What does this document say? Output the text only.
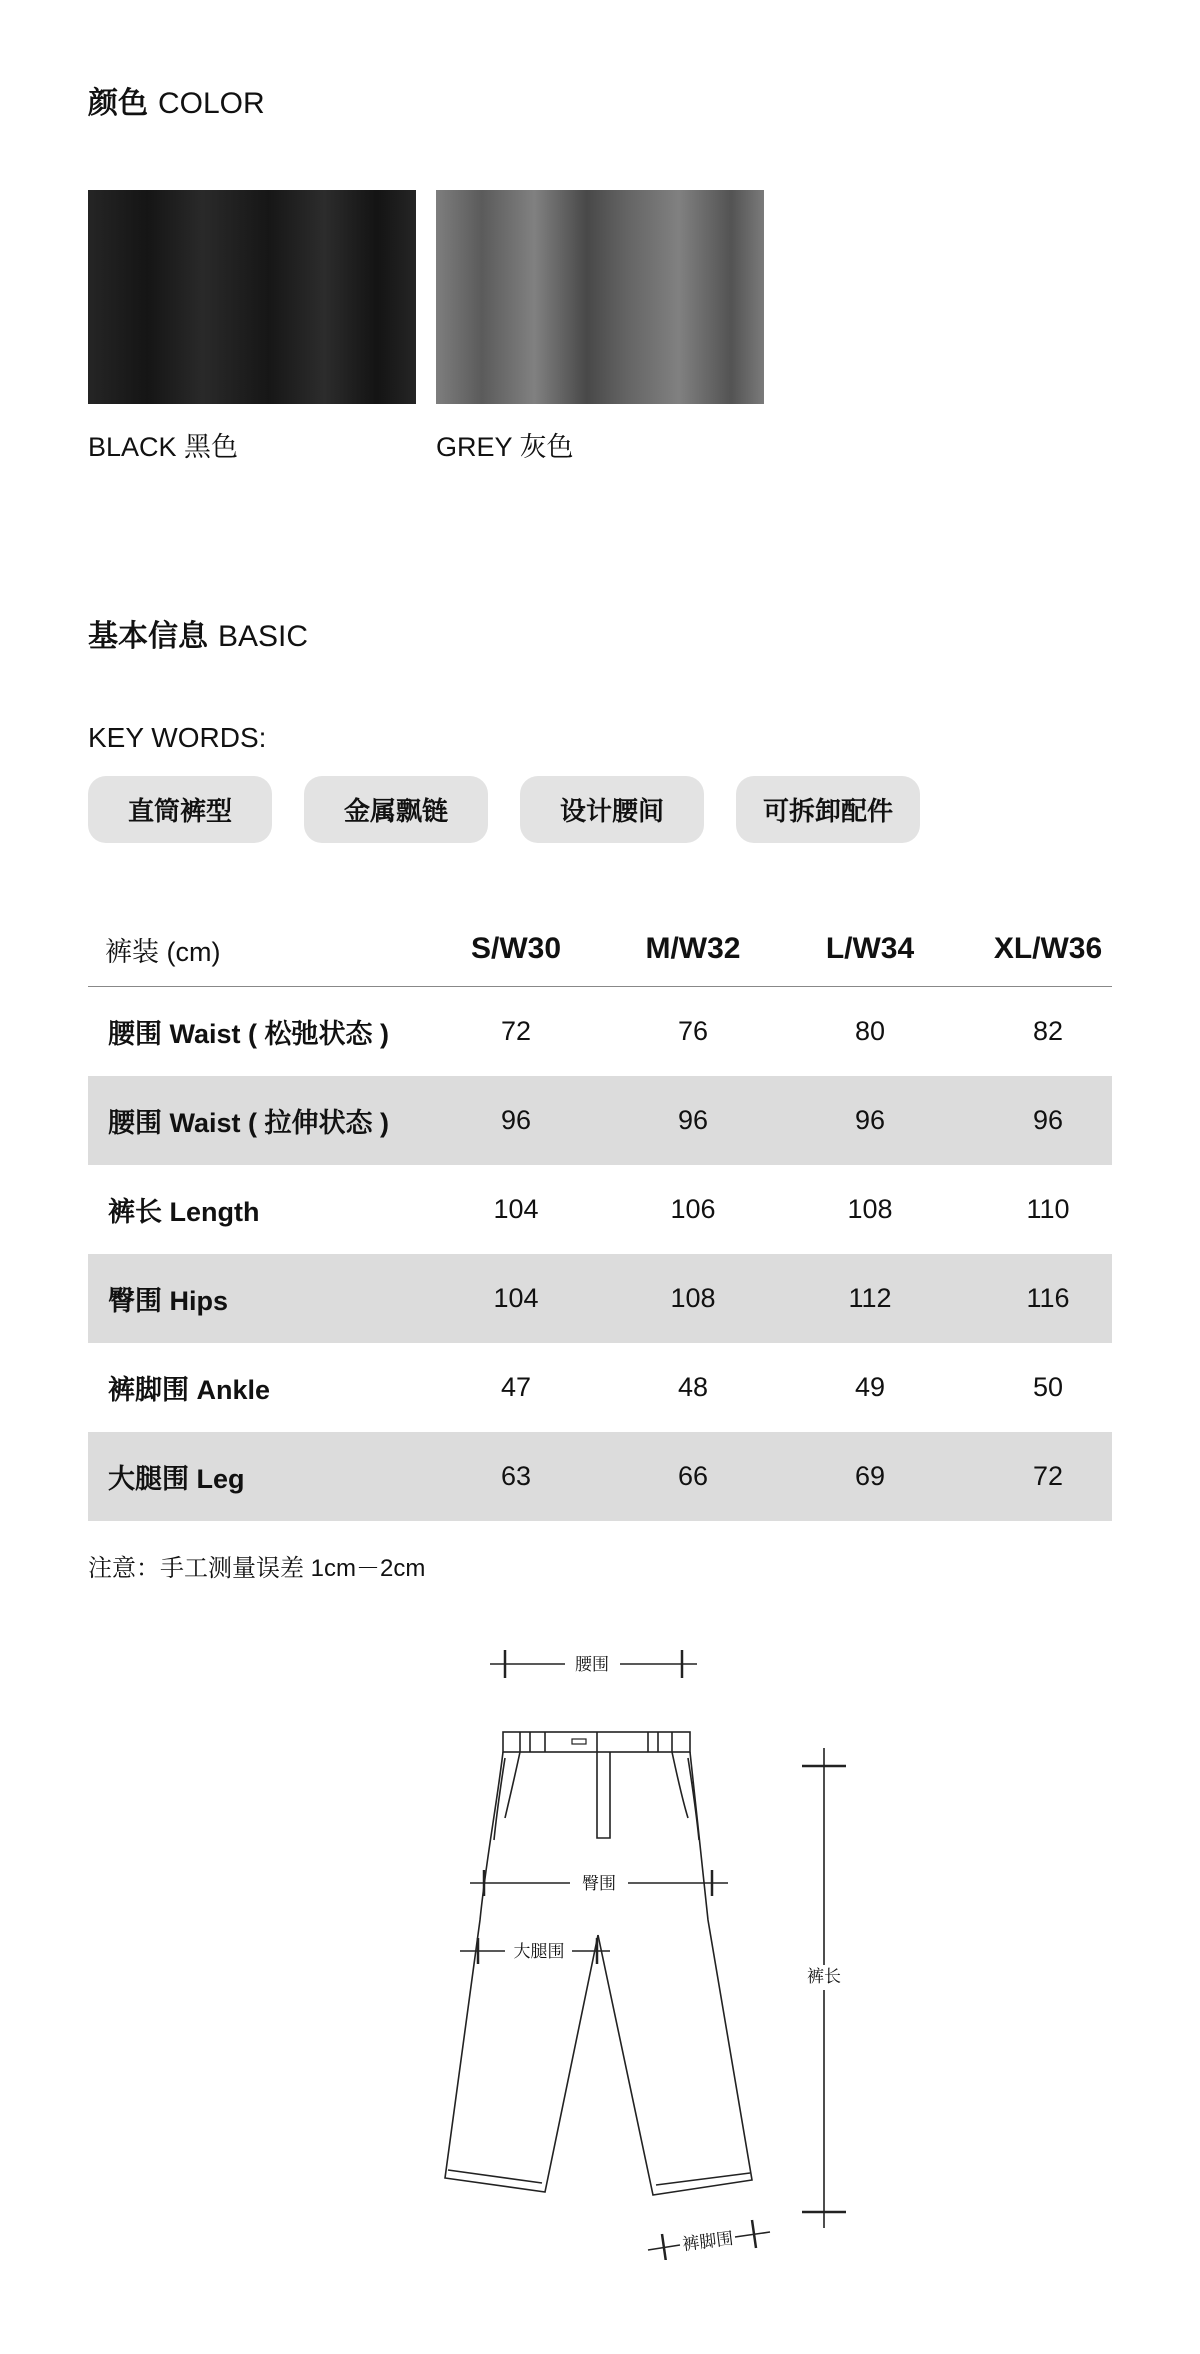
颜色 COLOR
BLACK 黑色	GREY 灰色
基本信息 BASIC
KEY WORDS:
直筒裤型	金属飘链	设计腰间	可拆卸配件
裤装 (cm)	S/W30	M/W32	L/W34	XL/W36
腰围 Waist ( 松弛状态 )	72	76	80	82
腰围 Waist ( 拉伸状态 )	96	96	96	96
裤长 Length	104	106	108	110
臀围 Hips	104	108	112	116
裤脚围 Ankle	47	48	49	50
大腿围 Leg	63	66	69	72
注意：手工测量误差 1cm－2cm
腰围
臀围
大腿围
裤长
裤脚围
